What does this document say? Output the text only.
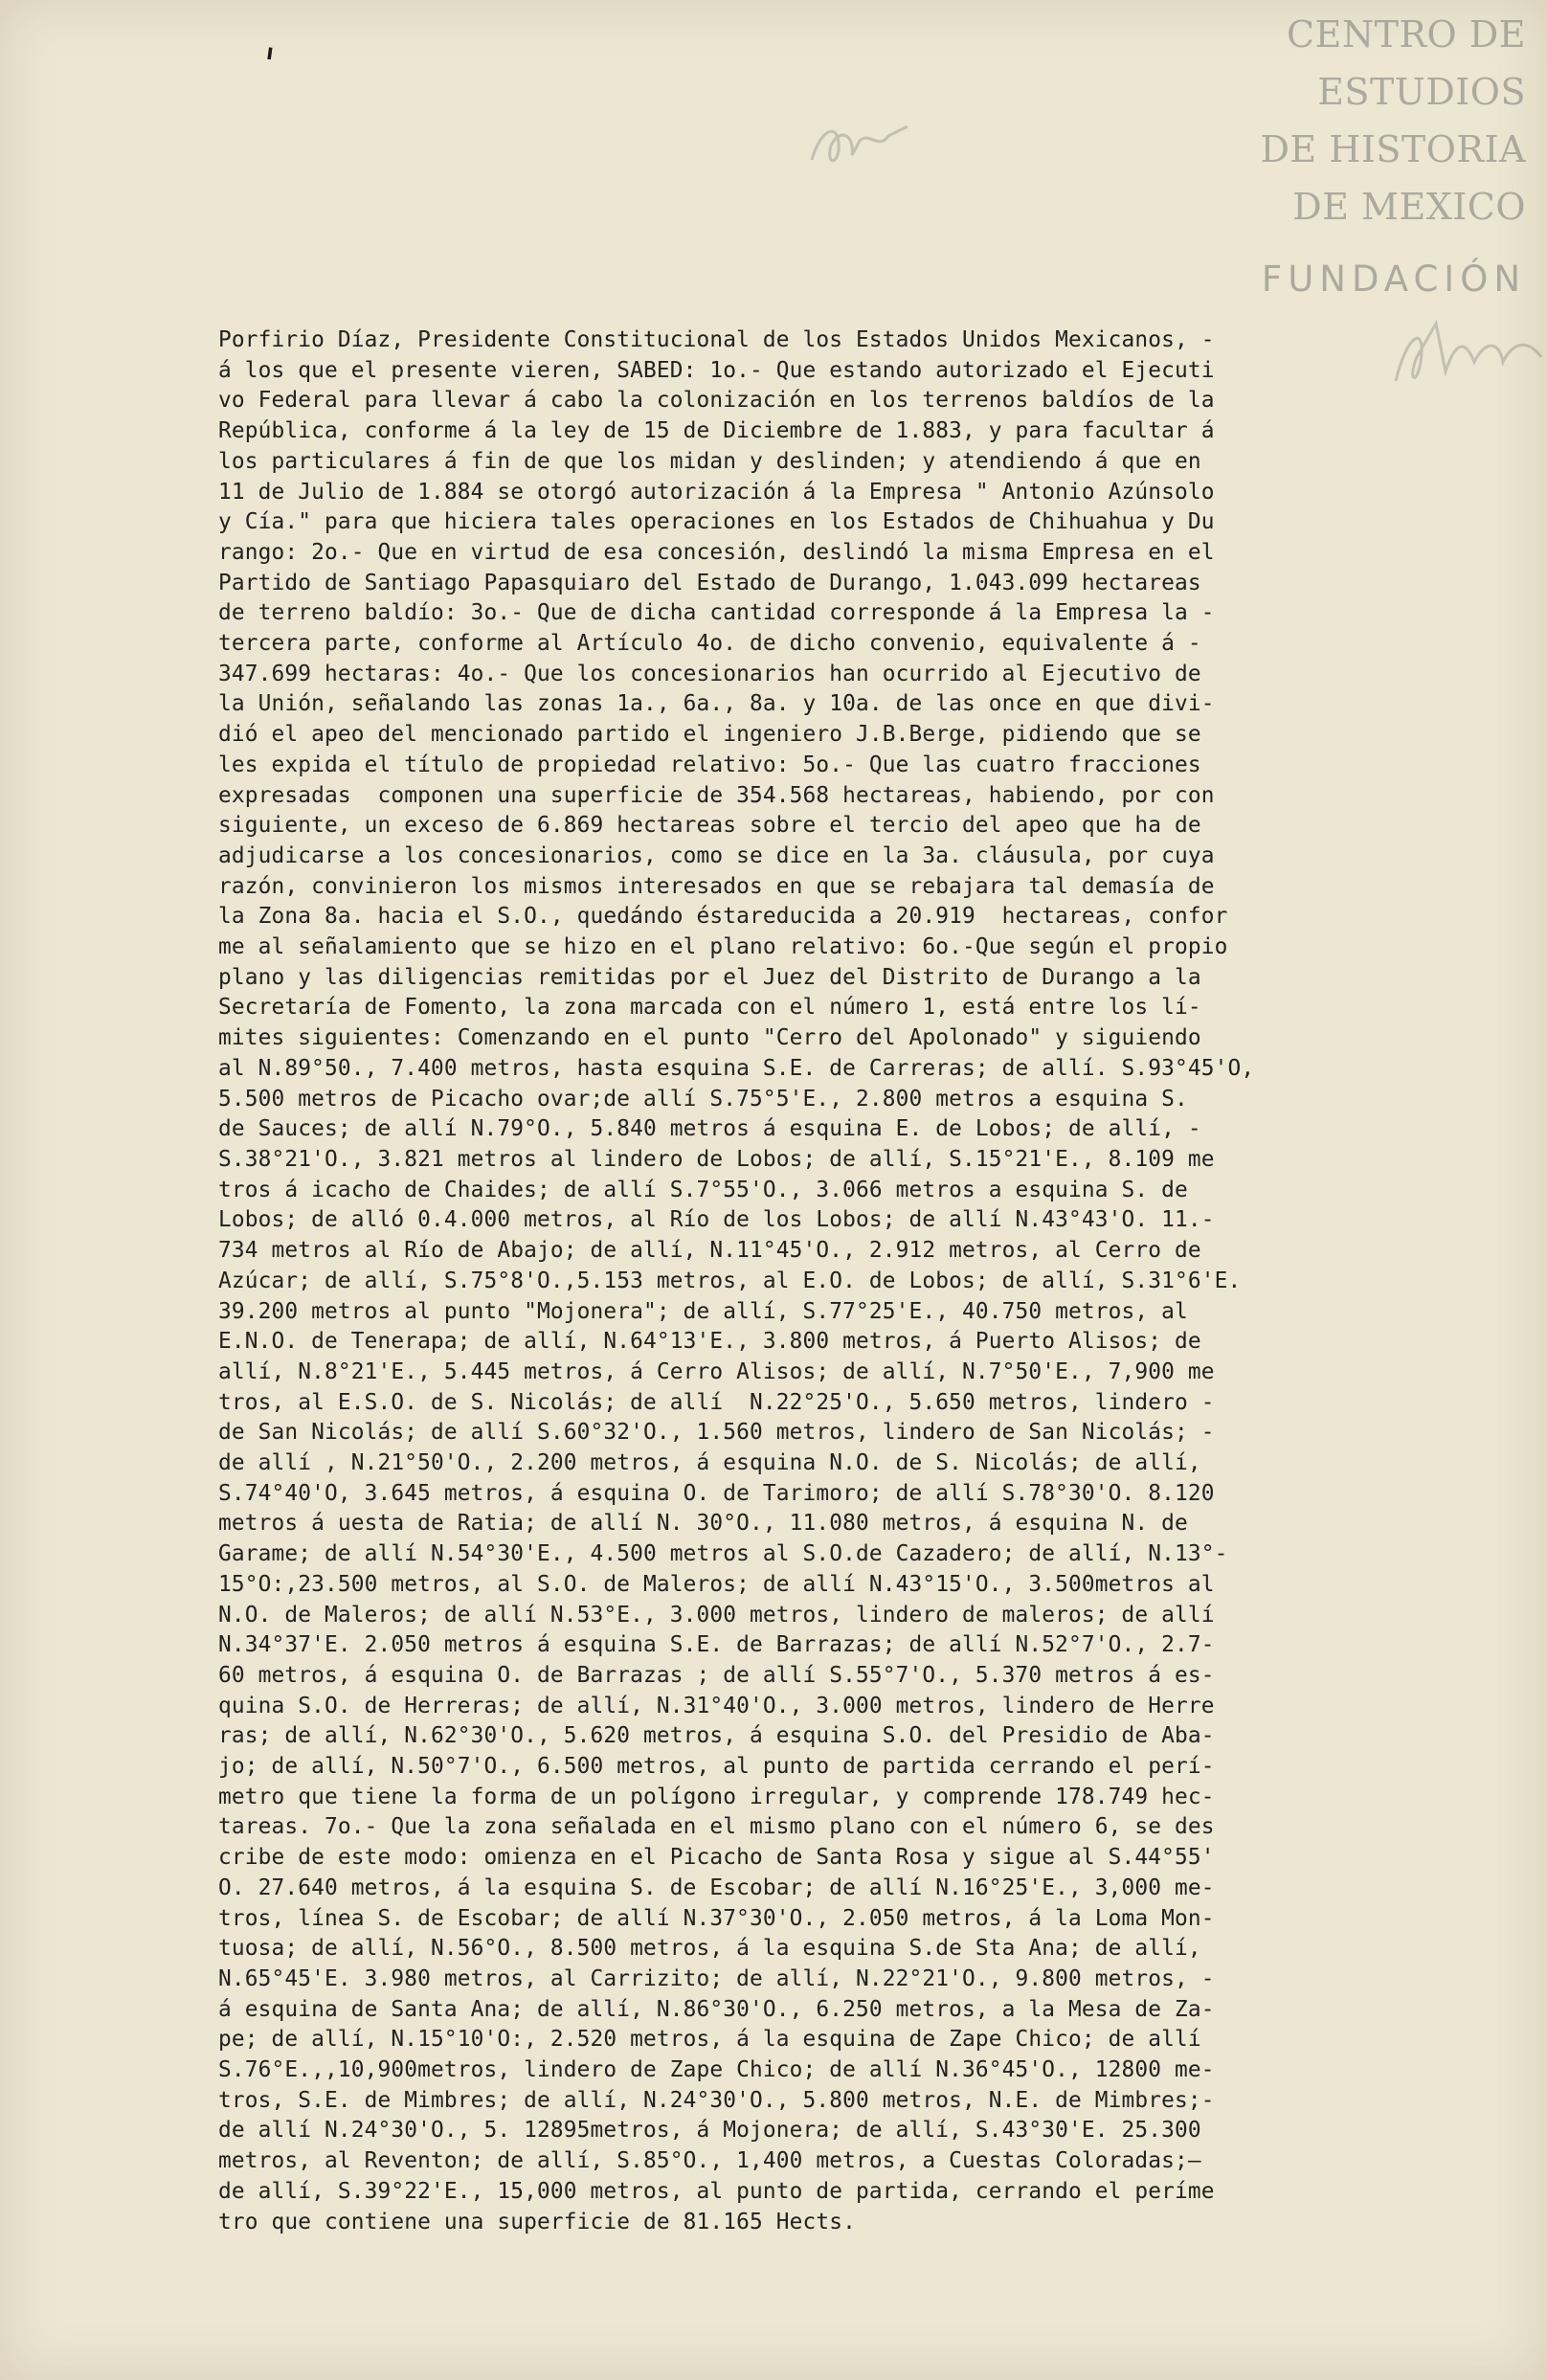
'
CENTRO DE
ESTUDIOS
DE HISTORIA
DE MEXICO
FUNDACIÓN
Porfirio Díaz, Presidente Constitucional de los Estados Unidos Mexicanos, -
á los que el presente vieren, SABED: 1o.- Que estando autorizado el Ejecuti
vo Federal para llevar á cabo la colonización en los terrenos baldíos de la
República, conforme á la ley de 15 de Diciembre de 1.883, y para facultar á
los particulares á fin de que los midan y deslinden; y atendiendo á que en
11 de Julio de 1.884 se otorgó autorización á la Empresa " Antonio Azúnsolo
y Cía." para que hiciera tales operaciones en los Estados de Chihuahua y Du
rango: 2o.- Que en virtud de esa concesión, deslindó la misma Empresa en el
Partido de Santiago Papasquiaro del Estado de Durango, 1.043.099 hectareas
de terreno baldío: 3o.- Que de dicha cantidad corresponde á la Empresa la -
tercera parte, conforme al Artículo 4o. de dicho convenio, equivalente á -
347.699 hectaras: 4o.- Que los concesionarios han ocurrido al Ejecutivo de
la Unión, señalando las zonas 1a., 6a., 8a. y 10a. de las once en que divi-
dió el apeo del mencionado partido el ingeniero J.B.Berge, pidiendo que se
les expida el título de propiedad relativo: 5o.- Que las cuatro fracciones
expresadas  componen una superficie de 354.568 hectareas, habiendo, por con
siguiente, un exceso de 6.869 hectareas sobre el tercio del apeo que ha de
adjudicarse a los concesionarios, como se dice en la 3a. cláusula, por cuya
razón, convinieron los mismos interesados en que se rebajara tal demasía de
la Zona 8a. hacia el S.O., quedándo éstareducida a 20.919  hectareas, confor
me al señalamiento que se hizo en el plano relativo: 6o.-Que según el propio
plano y las diligencias remitidas por el Juez del Distrito de Durango a la
Secretaría de Fomento, la zona marcada con el número 1, está entre los lí-
mites siguientes: Comenzando en el punto "Cerro del Apolonado" y siguiendo
al N.89°50., 7.400 metros, hasta esquina S.E. de Carreras; de allí. S.93°45'O,
5.500 metros de Picacho ovar;de allí S.75°5'E., 2.800 metros a esquina S.
de Sauces; de allí N.79°O., 5.840 metros á esquina E. de Lobos; de allí, -
S.38°21'O., 3.821 metros al lindero de Lobos; de allí, S.15°21'E., 8.109 me
tros á icacho de Chaides; de allí S.7°55'O., 3.066 metros a esquina S. de
Lobos; de alló 0.4.000 metros, al Río de los Lobos; de allí N.43°43'O. 11.-
734 metros al Río de Abajo; de allí, N.11°45'O., 2.912 metros, al Cerro de
Azúcar; de allí, S.75°8'O.,5.153 metros, al E.O. de Lobos; de allí, S.31°6'E.
39.200 metros al punto "Mojonera"; de allí, S.77°25'E., 40.750 metros, al
E.N.O. de Tenerapa; de allí, N.64°13'E., 3.800 metros, á Puerto Alisos; de
allí, N.8°21'E., 5.445 metros, á Cerro Alisos; de allí, N.7°50'E., 7,900 me
tros, al E.S.O. de S. Nicolás; de allí  N.22°25'O., 5.650 metros, lindero -
de San Nicolás; de allí S.60°32'O., 1.560 metros, lindero de San Nicolás; -
de allí , N.21°50'O., 2.200 metros, á esquina N.O. de S. Nicolás; de allí,
S.74°40'O, 3.645 metros, á esquina O. de Tarimoro; de allí S.78°30'O. 8.120
metros á uesta de Ratia; de allí N. 30°O., 11.080 metros, á esquina N. de
Garame; de allí N.54°30'E., 4.500 metros al S.O.de Cazadero; de allí, N.13°-
15°O:,23.500 metros, al S.O. de Maleros; de allí N.43°15'O., 3.500metros al
N.O. de Maleros; de allí N.53°E., 3.000 metros, lindero de maleros; de allí
N.34°37'E. 2.050 metros á esquina S.E. de Barrazas; de allí N.52°7'O., 2.7-
60 metros, á esquina O. de Barrazas ; de allí S.55°7'O., 5.370 metros á es-
quina S.O. de Herreras; de allí, N.31°40'O., 3.000 metros, lindero de Herre
ras; de allí, N.62°30'O., 5.620 metros, á esquina S.O. del Presidio de Aba-
jo; de allí, N.50°7'O., 6.500 metros, al punto de partida cerrando el perí-
metro que tiene la forma de un polígono irregular, y comprende 178.749 hec-
tareas. 7o.- Que la zona señalada en el mismo plano con el número 6, se des
cribe de este modo: omienza en el Picacho de Santa Rosa y sigue al S.44°55'
O. 27.640 metros, á la esquina S. de Escobar; de allí N.16°25'E., 3,000 me-
tros, línea S. de Escobar; de allí N.37°30'O., 2.050 metros, á la Loma Mon-
tuosa; de allí, N.56°O., 8.500 metros, á la esquina S.de Sta Ana; de allí,
N.65°45'E. 3.980 metros, al Carrizito; de allí, N.22°21'O., 9.800 metros, -
á esquina de Santa Ana; de allí, N.86°30'O., 6.250 metros, a la Mesa de Za-
pe; de allí, N.15°10'O:, 2.520 metros, á la esquina de Zape Chico; de allí
S.76°E.,,10,900metros, lindero de Zape Chico; de allí N.36°45'O., 12800 me-
tros, S.E. de Mimbres; de allí, N.24°30'O., 5.800 metros, N.E. de Mimbres;-
de allí N.24°30'O., 5. 12895metros, á Mojonera; de allí, S.43°30'E. 25.300
metros, al Reventon; de allí, S.85°O., 1,400 metros, a Cuestas Coloradas;—
de allí, S.39°22'E., 15,000 metros, al punto de partida, cerrando el períme
tro que contiene una superficie de 81.165 Hects.
